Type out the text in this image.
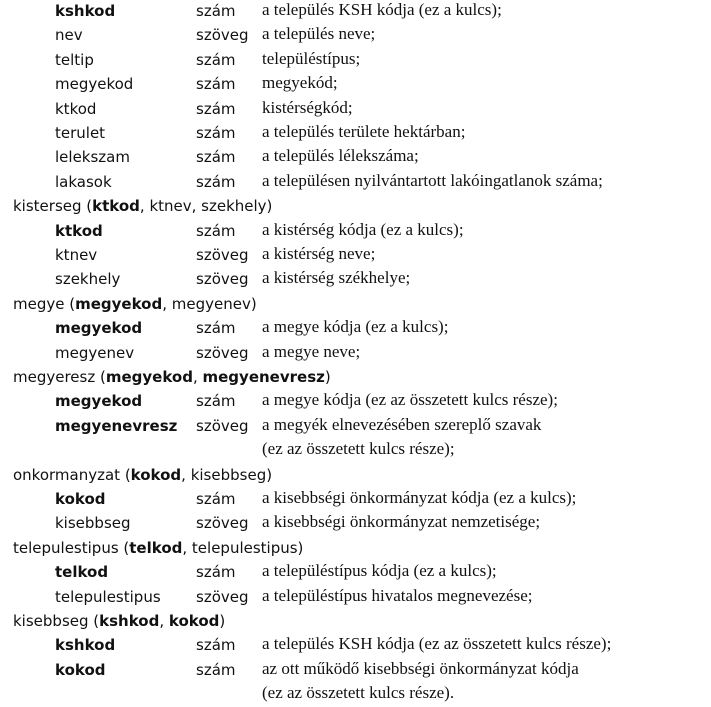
kshkod	szám a település KSH kódja (ez a kulcs);
nev	szöveg a település neve;
teltip	szám településtípus;
megyekod	szám megyekód;
ktkod	szám kistérségkód;
terulet	szám a település területe hektárban;
lelekszam	szám a település lélekszáma;
lakasok	szám a településen nyilvántartott lakóingatlanok száma;
kisterseg (ktkod, ktnev, szekhely)
ktkod	szám a kistérség kódja (ez a kulcs);
ktnev	szöveg a kistérség neve;
szekhely	szöveg a kistérség székhelye;
megye (megyekod, megyenev)
megyekod	szám a megye kódja (ez a kulcs);
megyenev	szöveg a megye neve;
megyeresz (megyekod, megyenevresz)
megyekod	szám a megye kódja (ez az összetett kulcs része);
megyenevresz szöveg a megyék elnevezésében szereplő szavak
(ez az összetett kulcs része);
onkormanyzat (kokod, kisebbseg)
kokod	szám a kisebbségi önkormányzat kódja (ez a kulcs);
kisebbseg	szöveg a kisebbségi önkormányzat nemzetisége;
telepulestipus (telkod, telepulestipus)
telkod	szám a településtípus kódja (ez a kulcs);
telepulestipus szöveg a településtípus hivatalos megnevezése;
kisebbseg (kshkod, kokod)
kshkod	szám a település KSH kódja (ez az összetett kulcs része);
kokod	szám az ott működő kisebbségi önkormányzat kódja
(ez az összetett kulcs része).
